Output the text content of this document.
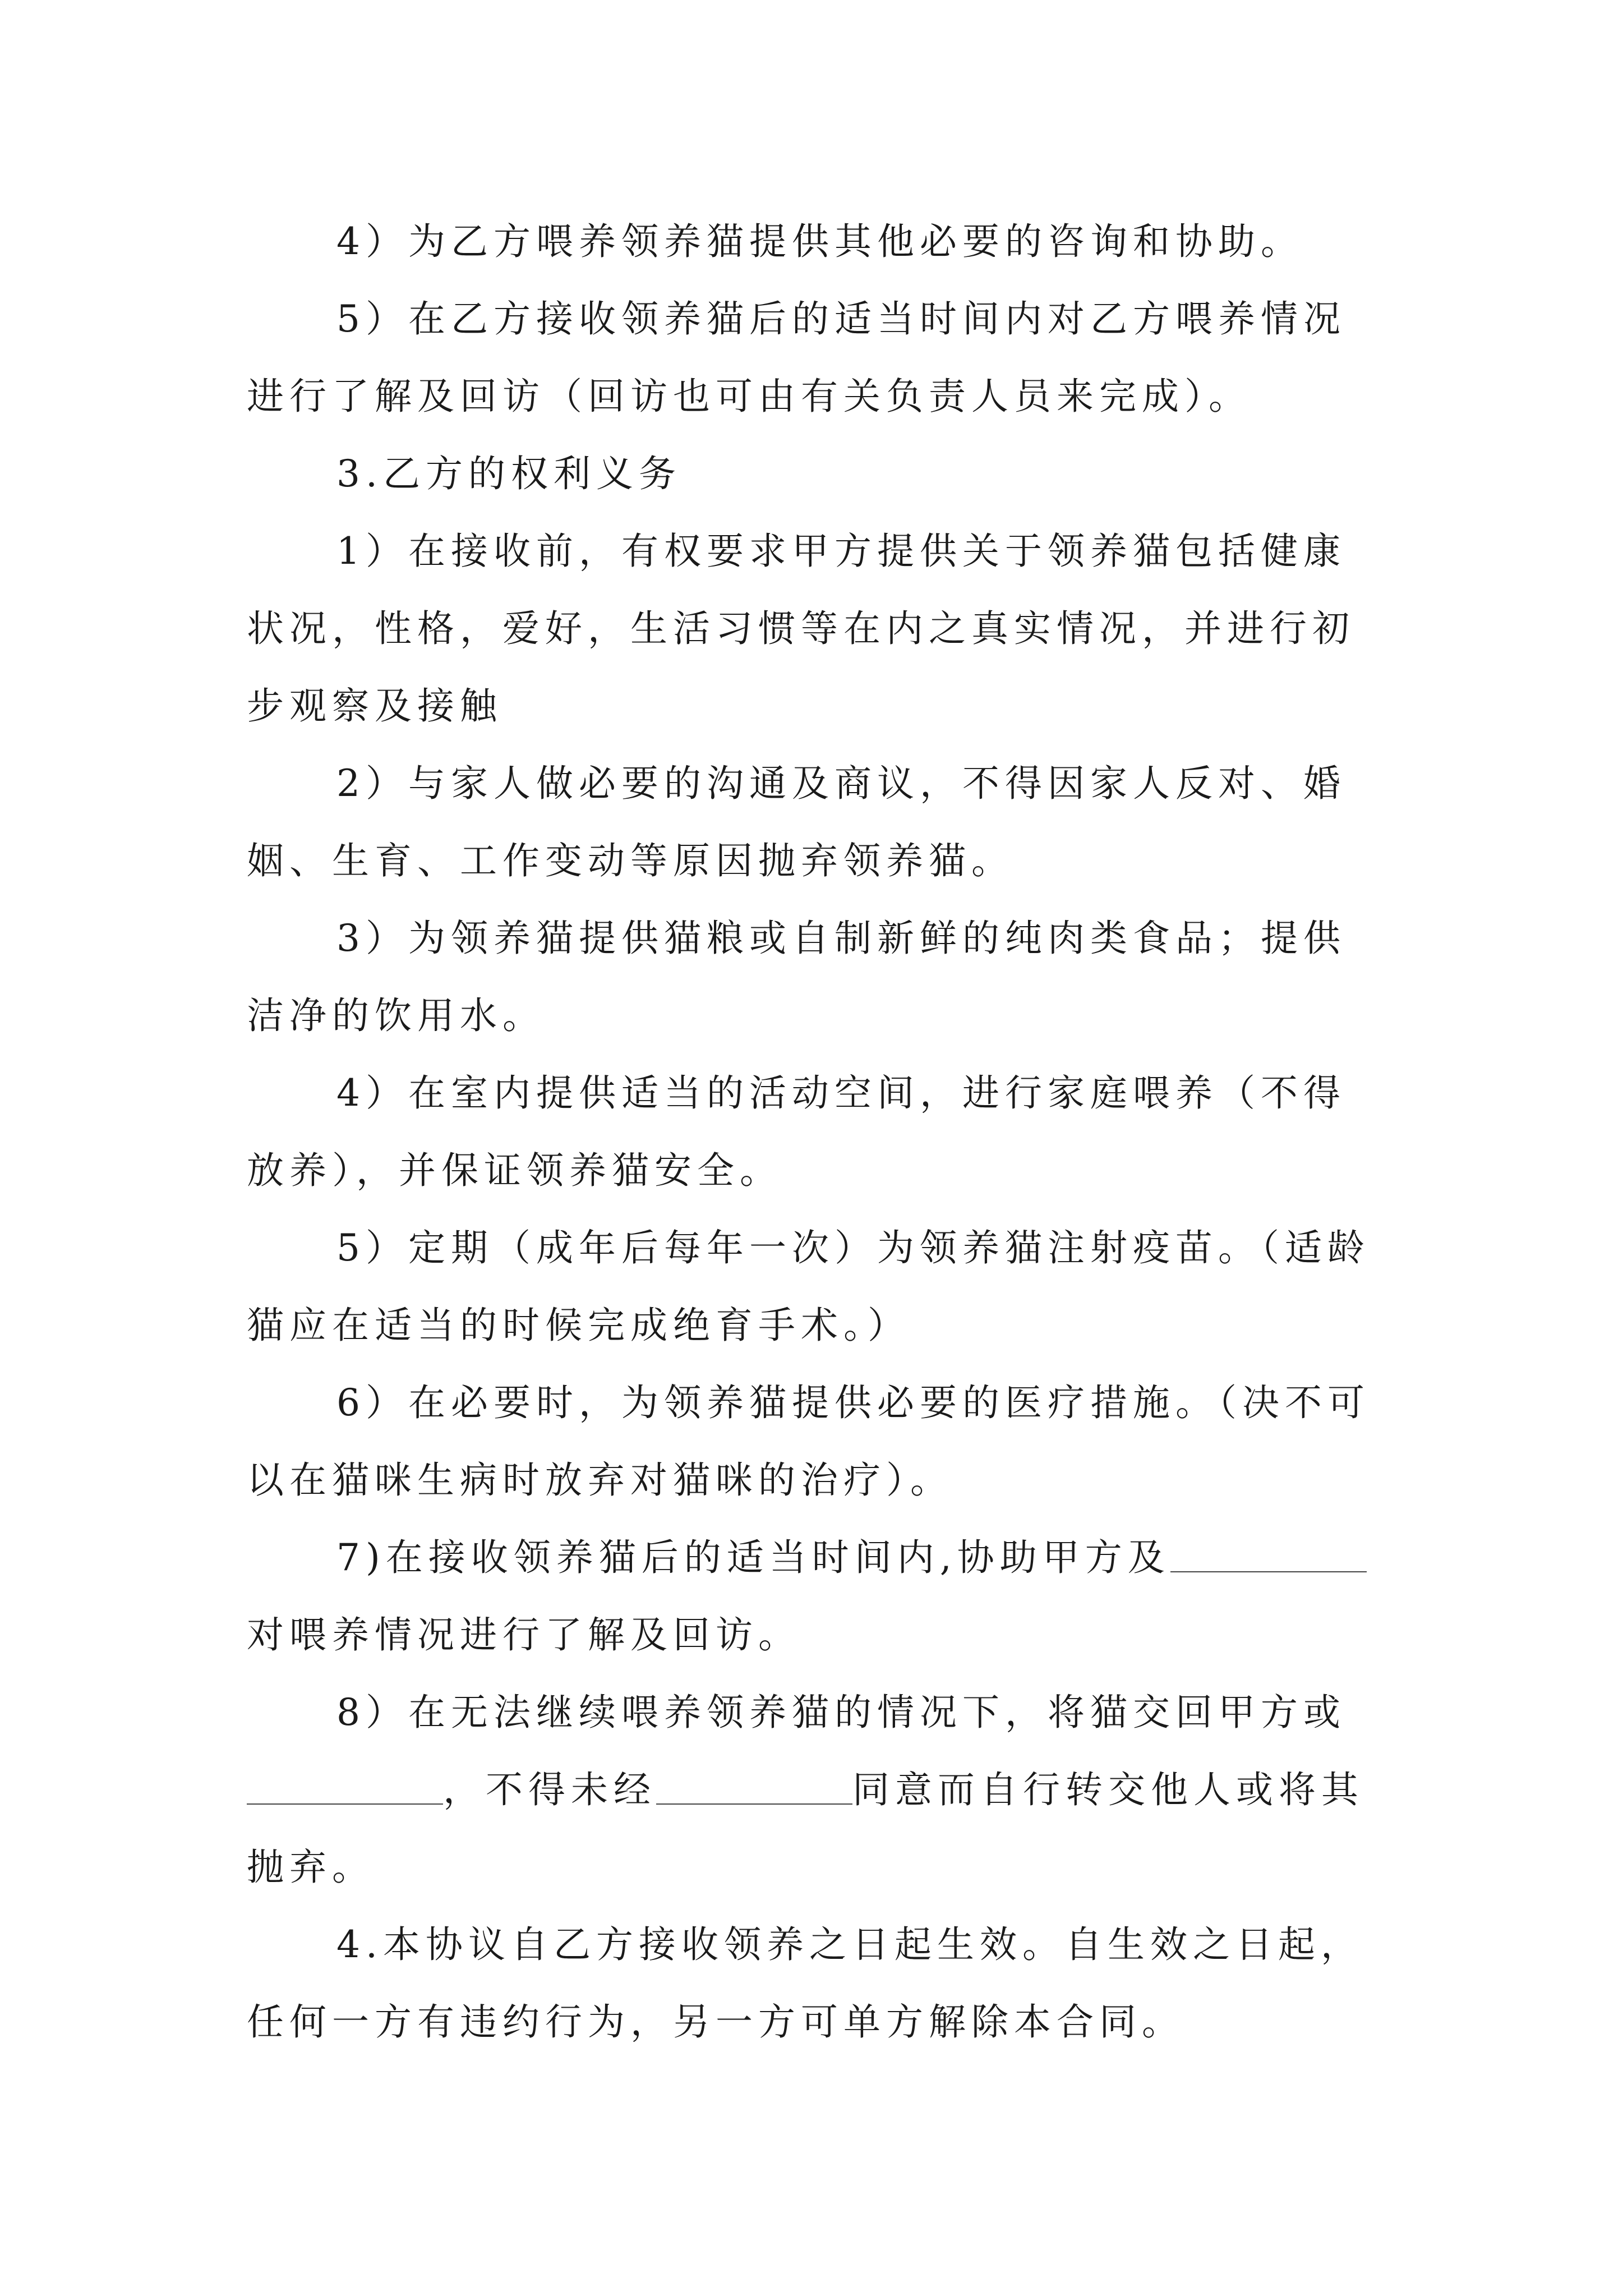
4）为乙方喂养领养猫提供其他必要的咨询和协助。

5）在乙方接收领养猫后的适当时间内对乙方喂养情况进行了解及回访（回访也可由有关负责人员来完成）。

3.乙方的权利义务

1）在接收前，有权要求甲方提供关于领养猫包括健康状况，性格，爱好，生活习惯等在内之真实情况，并进行初步观察及接触

2）与家人做必要的沟通及商议，不得因家人反对、婚姻、生育、工作变动等原因抛弃领养猫。

3）为领养猫提供猫粮或自制新鲜的纯肉类食品；提供洁净的饮用水。

4）在室内提供适当的活动空间，进行家庭喂养（不得放养），并保证领养猫安全。

5）定期（成年后每年一次）为领养猫注射疫苗。（适龄猫应在适当的时候完成绝育手术。）

6）在必要时，为领养猫提供必要的医疗措施。（决不可以在猫咪生病时放弃对猫咪的治疗）。

7)在接收领养猫后的适当时间内,协助甲方及对喂养情况进行了解及回访。

8）在无法继续喂养领养猫的情况下，将猫交回甲方或，不得未经	同意而自行转交他人或将其抛弃。

4.本协议自乙方接收领养之日起生效。自生效之日起，任何一方有违约行为，另一方可单方解除本合同。
